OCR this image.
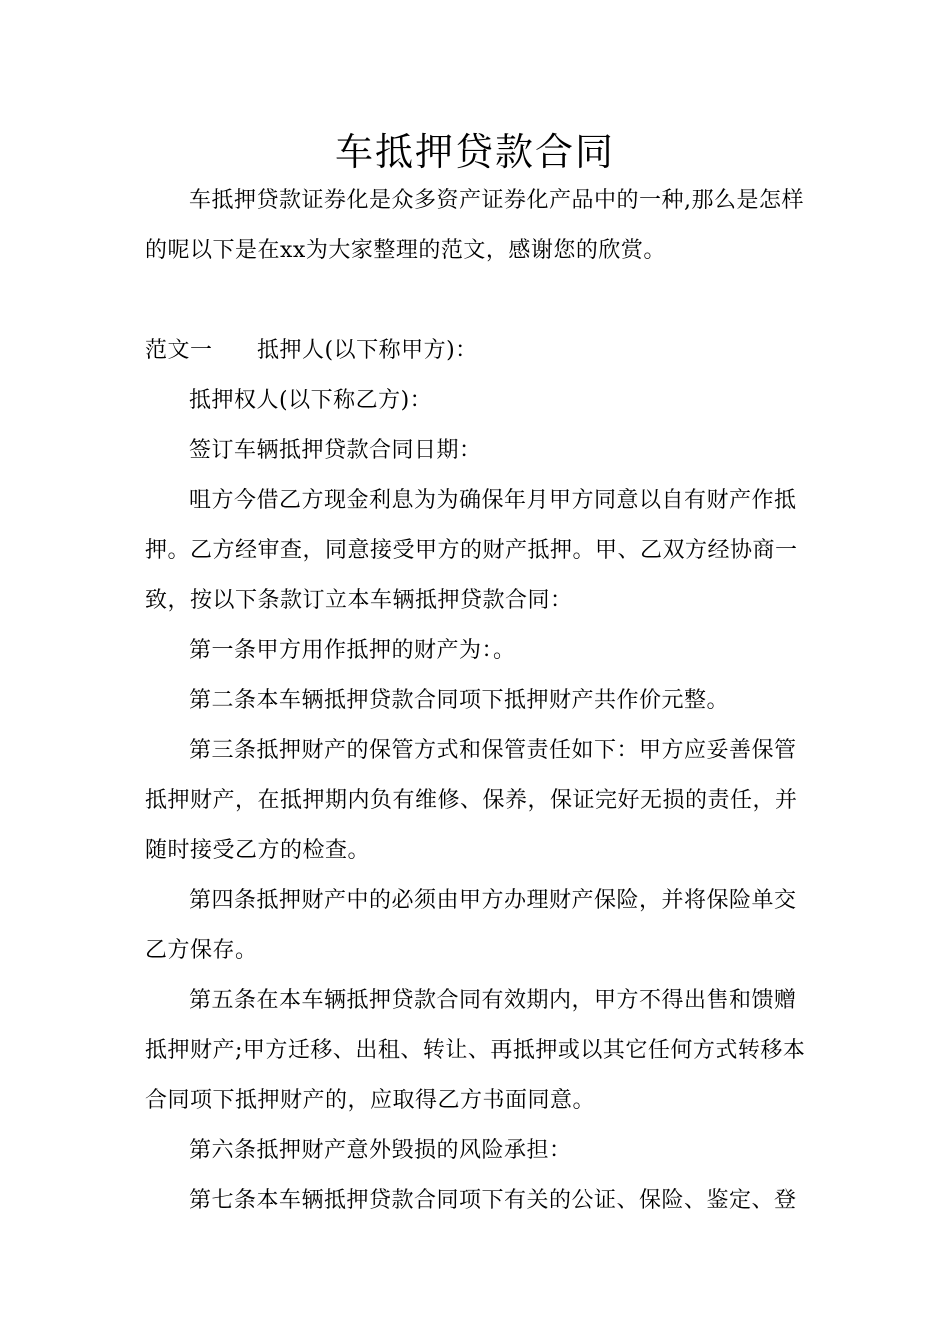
车抵押贷款合同

车抵押贷款证券化是众多资产证券化产品中的一种,那么是怎样的呢以下是在xx为大家整理的范文，感谢您的欣赏。

范文一 抵押人(以下称甲方)：

抵押权人(以下称乙方)：

签订车辆抵押贷款合同日期：

咀方今借乙方现金利息为为确保年月甲方同意以自有财产作抵押。乙方经审查，同意接受甲方的财产抵押。甲、乙双方经协商一致，按以下条款订立本车辆抵押贷款合同：

第一条甲方用作抵押的财产为：。

第二条本车辆抵押贷款合同项下抵押财产共作价元整。

第三条抵押财产的保管方式和保管责任如下：甲方应妥善保管抵押财产，在抵押期内负有维修、保养，保证完好无损的责任，并随时接受乙方的检查。

第四条抵押财产中的必须由甲方办理财产保险，并将保险单交乙方保存。

第五条在本车辆抵押贷款合同有效期内，甲方不得出售和馈赠抵押财产;甲方迁移、出租、转让、再抵押或以其它任何方式转移本合同项下抵押财产的，应取得乙方书面同意。

第六条抵押财产意外毁损的风险承担：

第七条本车辆抵押贷款合同项下有关的公证、保险、鉴定、登
